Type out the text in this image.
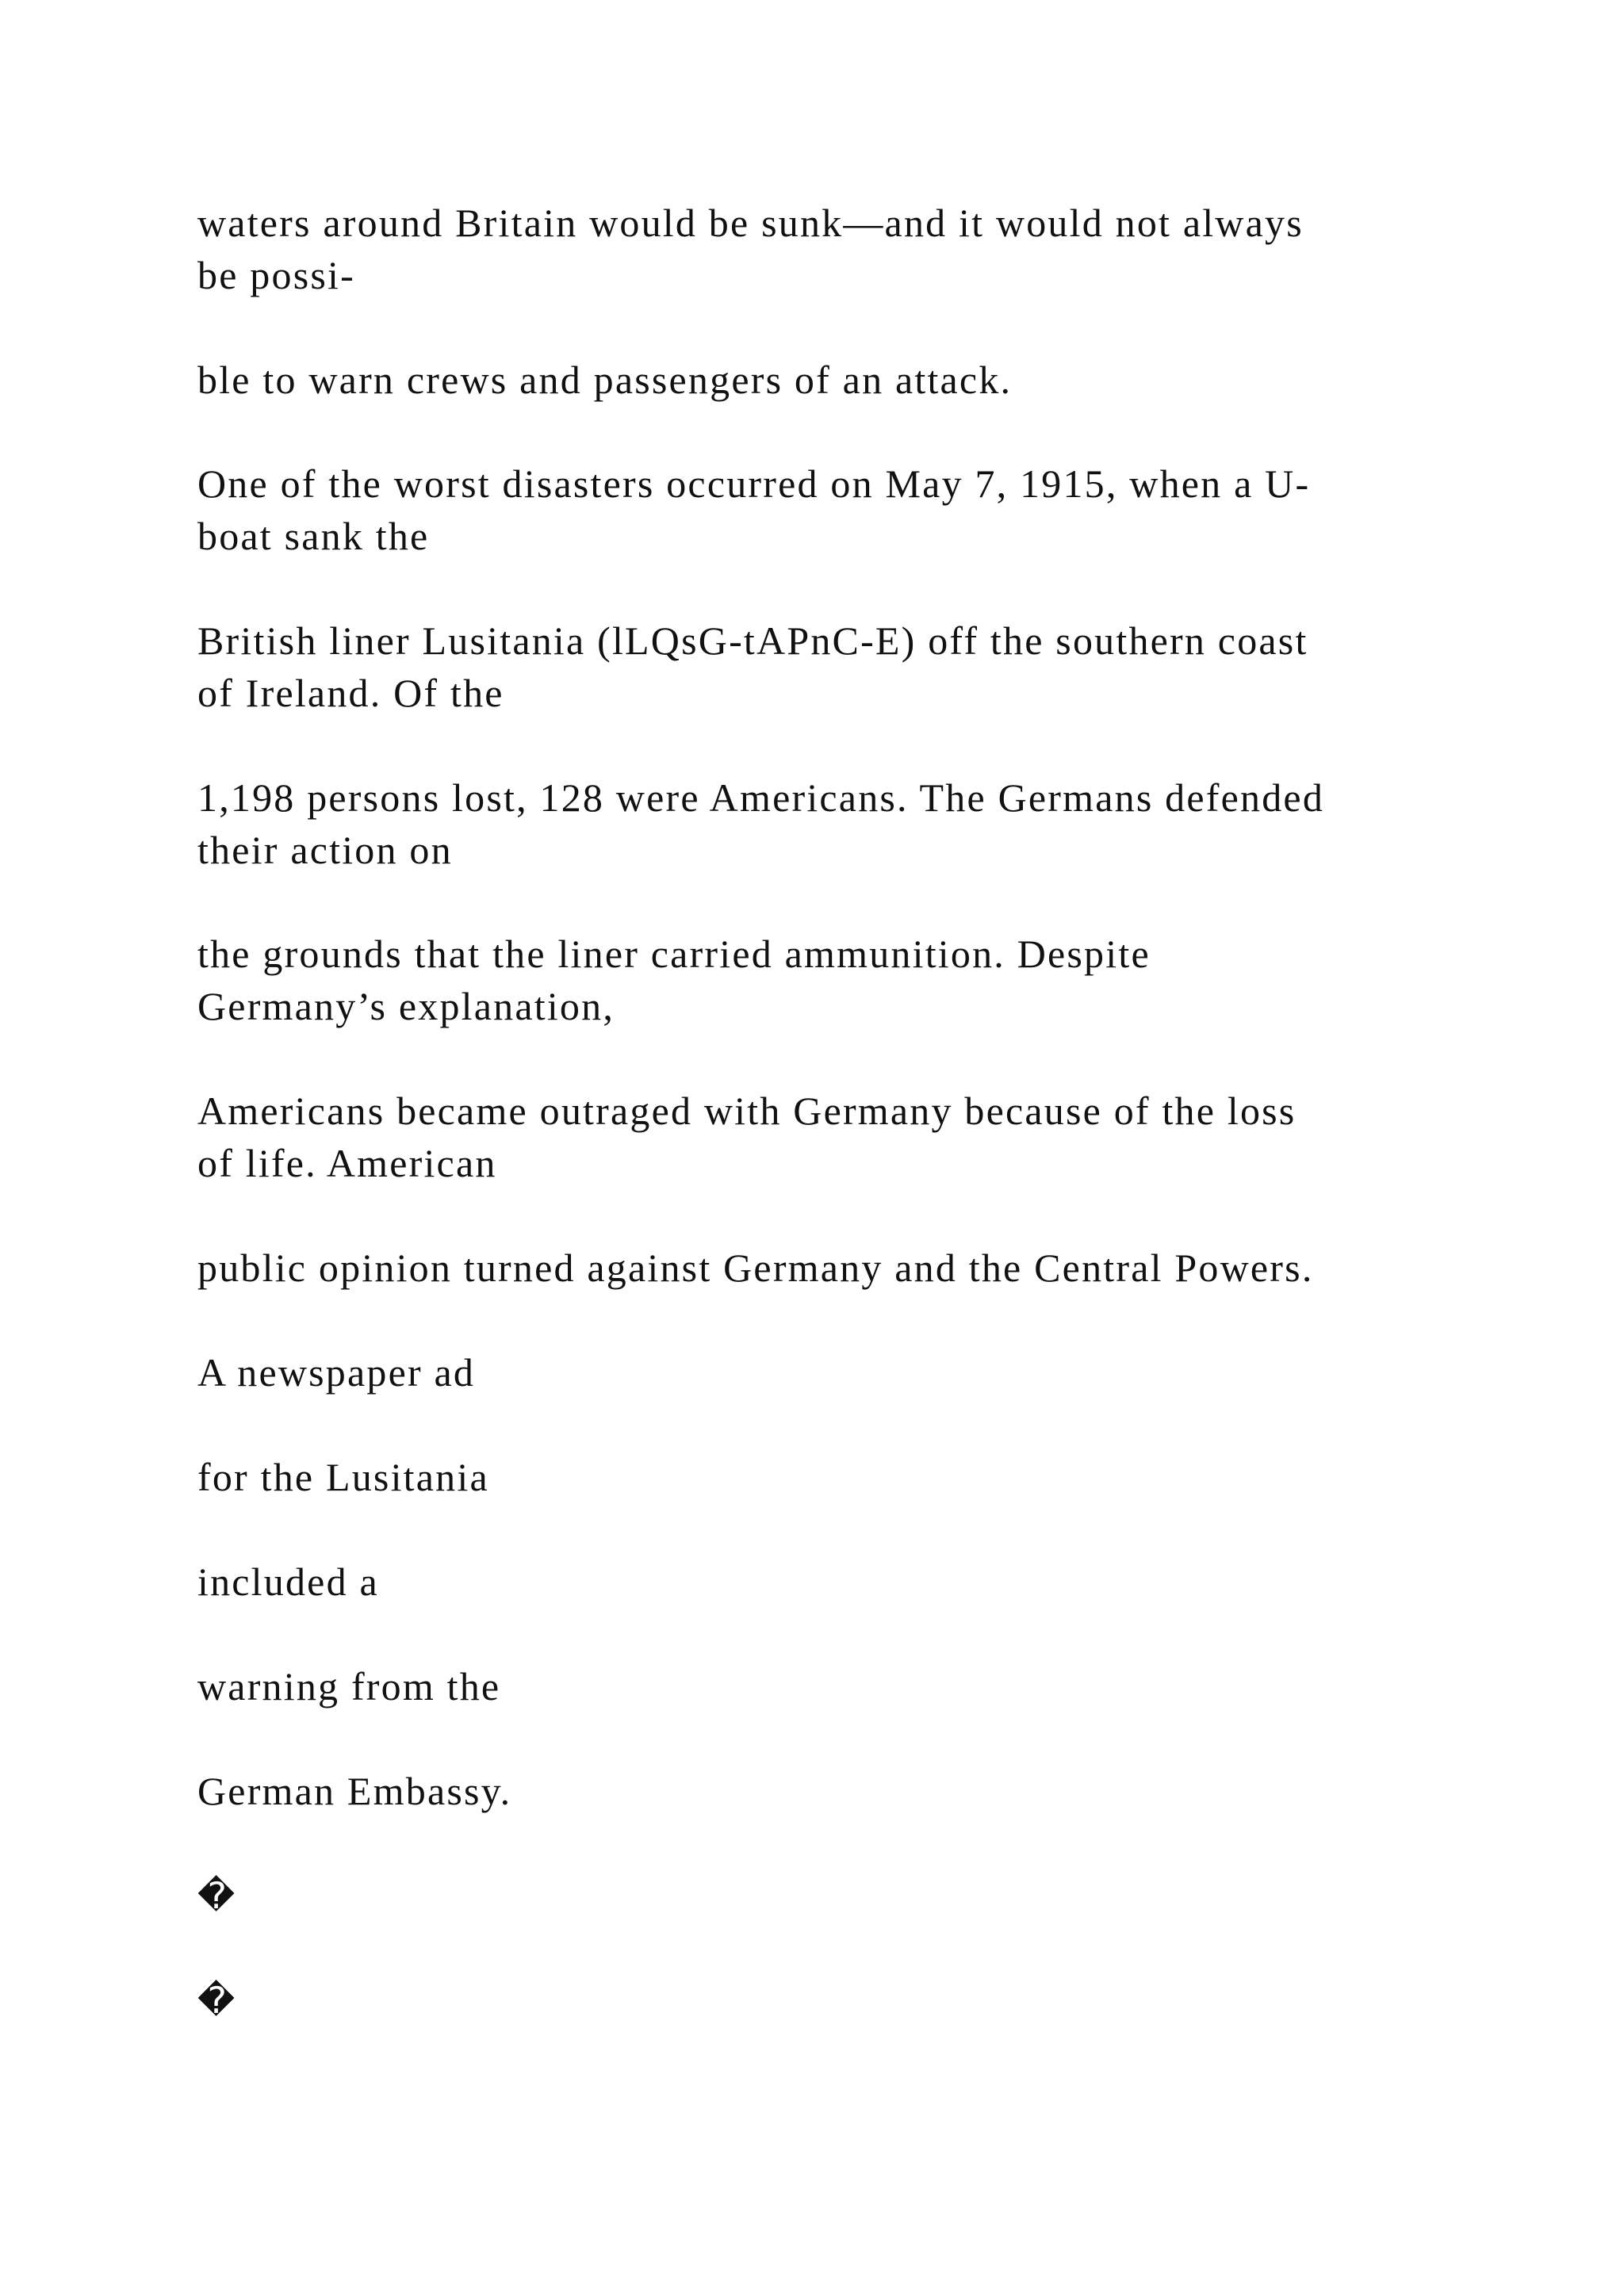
waters around Britain would be sunk—and it would not always
be possi-

ble to warn crews and passengers of an attack.

One of the worst disasters occurred on May 7, 1915, when a U-
boat sank the

British liner Lusitania (lLQsG-tAPnC-E) off the southern coast
of Ireland. Of the

1,198 persons lost, 128 were Americans. The Germans defended
their action on

the grounds that the liner carried ammunition. Despite
Germany’s explanation,

Americans became outraged with Germany because of the loss
of life. American

public opinion turned against Germany and the Central Powers.

A newspaper ad

for the Lusitania

included a

warning from the

German Embassy.

�

�
